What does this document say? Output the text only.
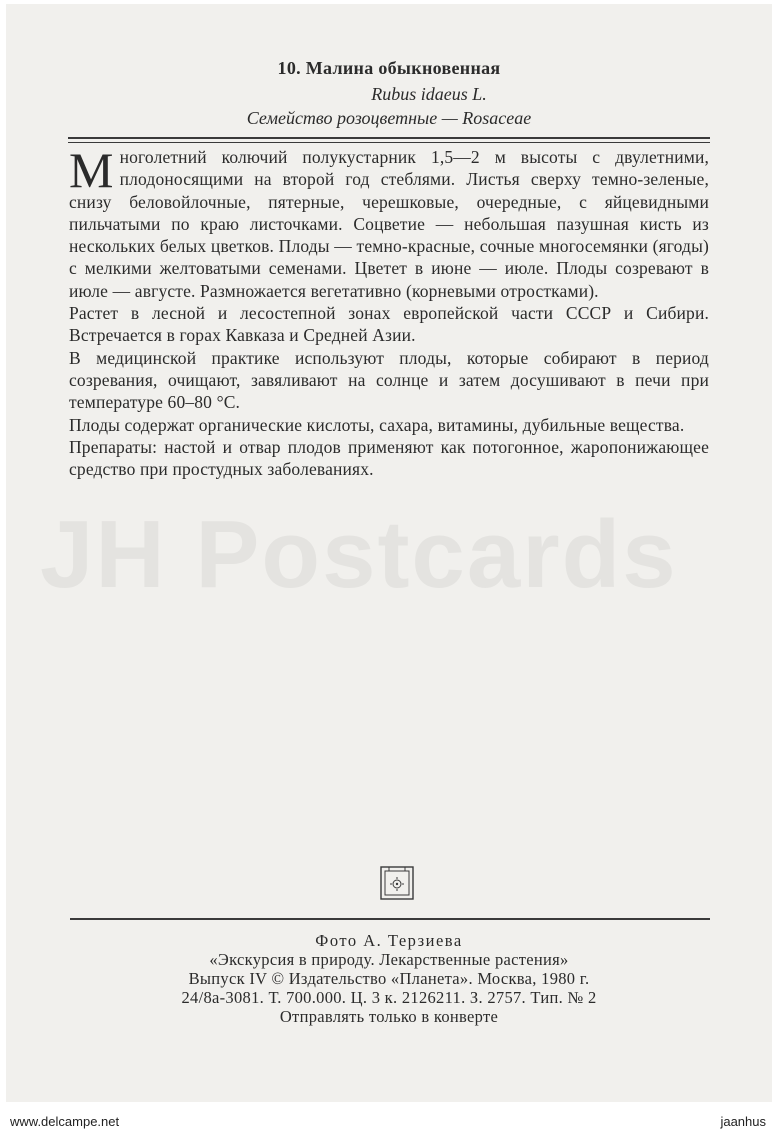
JH Postcards
10. Малина обыкновенная
Rubus idaeus L.
Семейство розоцветные — Rosaceae

Многолетний колючий полукустарник 1,5—2 м высоты с двулетними, плодоносящими на второй год стеблями. Листья сверху темно-зеленые, снизу беловойлочные, пятерные, черешковые, очередные, с яйцевидными пильчатыми по краю листочками. Соцветие — небольшая пазушная кисть из нескольких белых цветков. Плоды — темно-красные, сочные многосемянки (ягоды) с мелкими желтоватыми семенами. Цветет в июне — июле. Плоды созревают в июле — августе. Размножается вегетативно (корневыми отростками).

Растет в лесной и лесостепной зонах европейской части СССР и Сибири. Встречается в горах Кавказа и Средней Азии.

В медицинской практике используют плоды, которые собирают в период созревания, очищают, завяливают на солнце и затем досушивают в печи при температуре 60–80 °С.

Плоды содержат органические кислоты, сахара, витамины, дубильные вещества.

Препараты: настой и отвар плодов применяют как потогонное, жаропонижающее средство при простудных заболеваниях.

Фото А. Терзиева
«Экскурсия в природу. Лекарственные растения»
Выпуск IV © Издательство «Планета». Москва, 1980 г.
24/8а-3081. Т. 700.000. Ц. 3 к. 2126211. З. 2757. Тип. № 2
Отправлять только в конверте
www.delcampe.net	jaanhus
